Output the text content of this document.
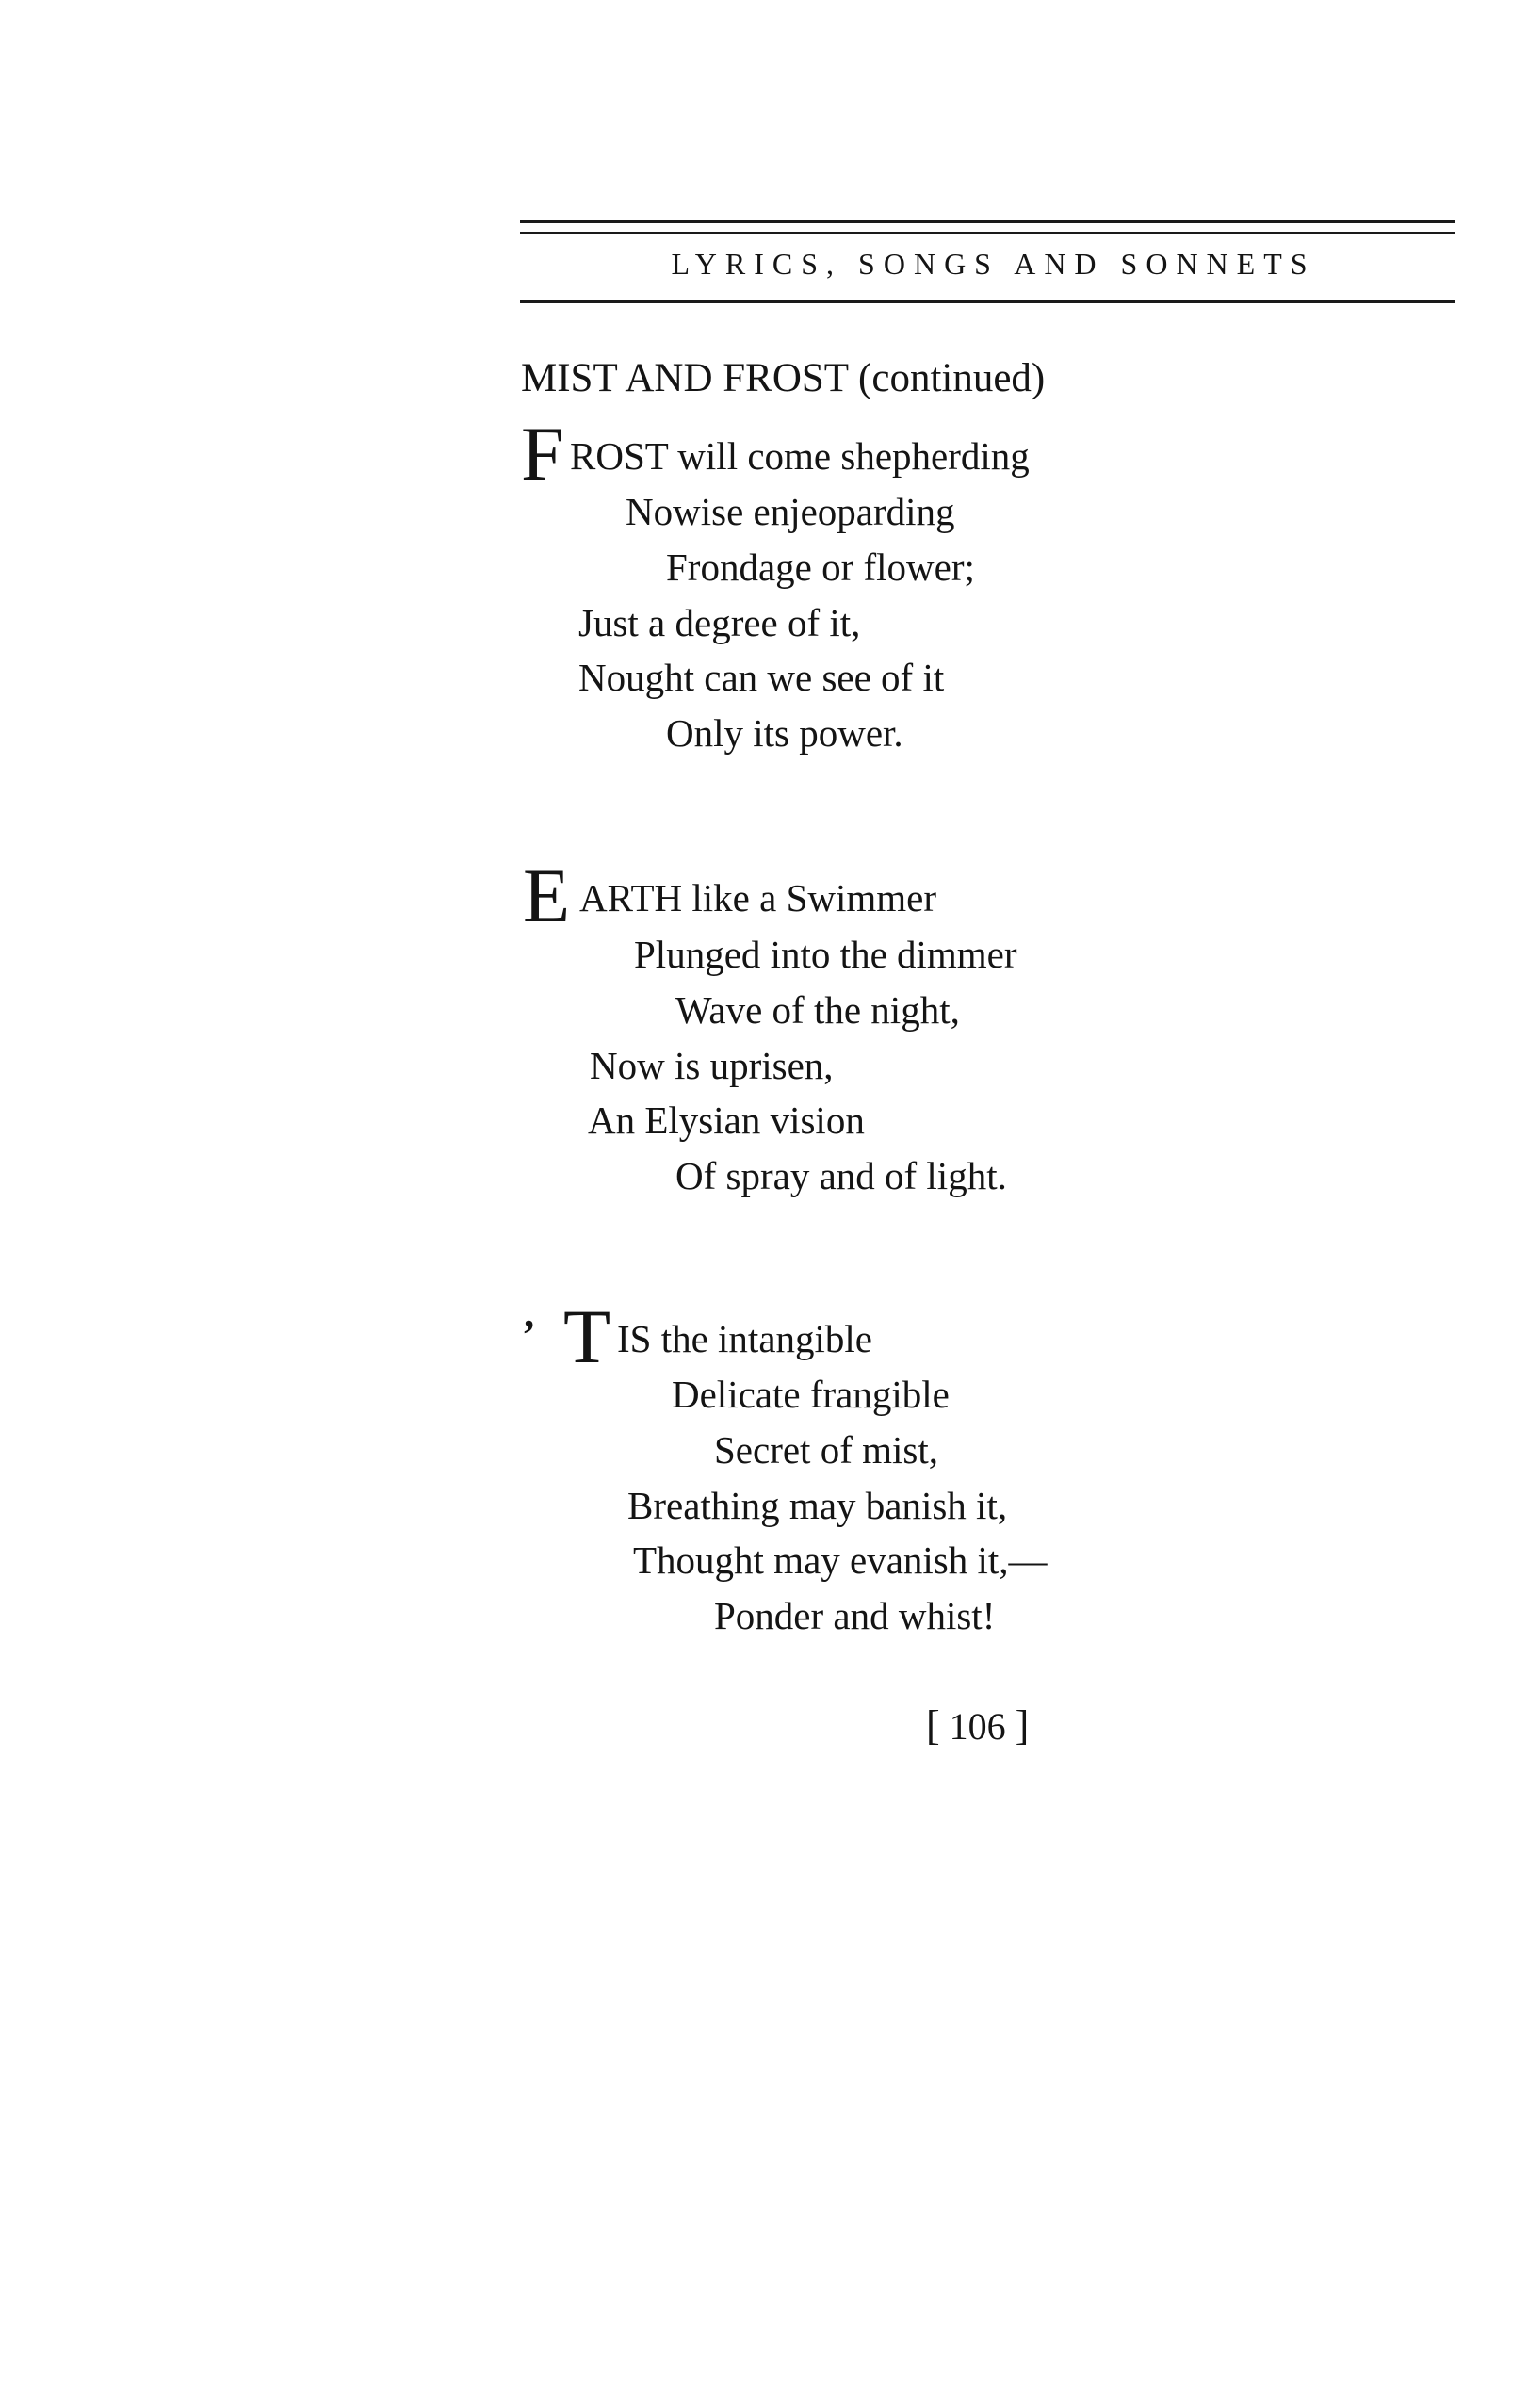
LYRICS, SONGS AND SONNETS
MIST AND FROST (continued)
F ROST will come shepherding
Nowise enjeoparding
Frondage or flower;
Just a degree of it,
Nought can we see of it
Only its power.
E ARTH like a Swimmer
Plunged into the dimmer
Wave of the night,
Now is uprisen,
An Elysian vision
Of spray and of light.
’ T IS the intangible
Delicate frangible
Secret of mist,
Breathing may banish it,
Thought may evanish it,—
Ponder and whist!
[ 106 ]
